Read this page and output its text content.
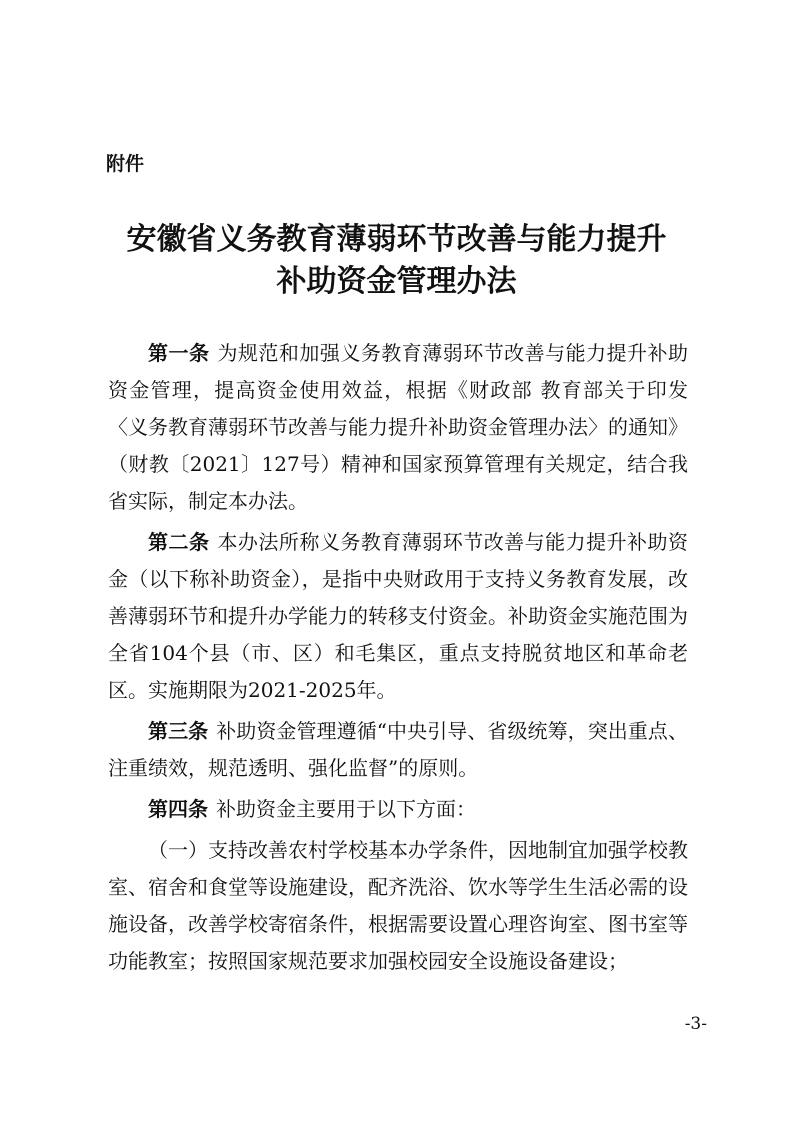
附件
安徽省义务教育薄弱环节改善与能力提升
补助资金管理办法

第一条 为规范和加强义务教育薄弱环节改善与能力提升补助资金管理，提高资金使用效益，根据《财政部 教育部关于印发〈义务教育薄弱环节改善与能力提升补助资金管理办法〉的通知》（财教〔2021〕127号）精神和国家预算管理有关规定，结合我省实际，制定本办法。

第二条 本办法所称义务教育薄弱环节改善与能力提升补助资金（以下称补助资金），是指中央财政用于支持义务教育发展，改善薄弱环节和提升办学能力的转移支付资金。补助资金实施范围为全省104个县（市、区）和毛集区，重点支持脱贫地区和革命老区。实施期限为2021-2025年。

第三条 补助资金管理遵循“中央引导、省级统筹，突出重点、注重绩效，规范透明、强化监督”的原则。

第四条 补助资金主要用于以下方面：

（一）支持改善农村学校基本办学条件，因地制宜加强学校教室、宿舍和食堂等设施建设，配齐洗浴、饮水等学生生活必需的设施设备，改善学校寄宿条件，根据需要设置心理咨询室、图书室等功能教室；按照国家规范要求加强校园安全设施设备建设；

-3-
